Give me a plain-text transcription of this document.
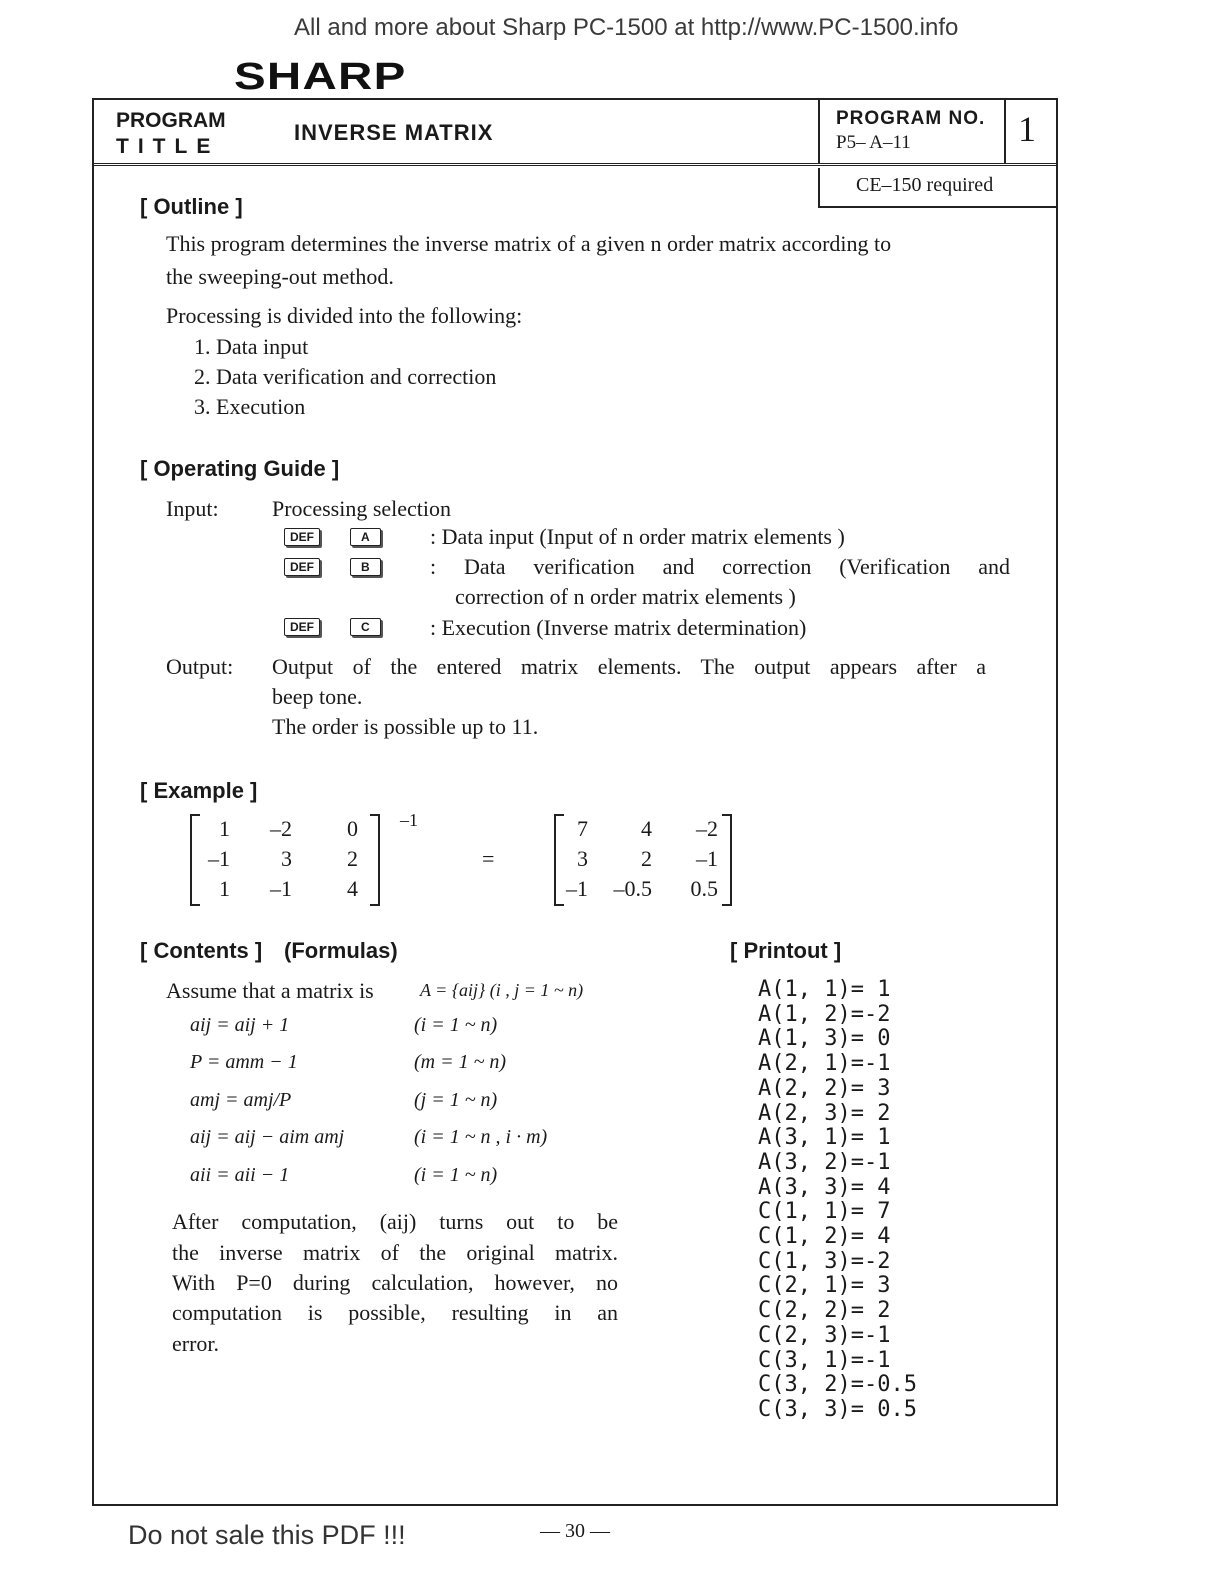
All and more about Sharp PC-1500 at http://www.PC-1500.info
SHARP
PROGRAM
TITLE
INVERSE MATRIX
PROGRAM NO.
P5– A–11	1
CE–150 required
[ Outline ]
This program determines the inverse matrix of a given n order matrix according to
the sweeping-out method.
Processing is divided into the following:
1. Data input
2. Data verification and correction
3. Execution
[ Operating Guide ]
Input: Processing selection
DEF	A	: Data input (Input of n order matrix elements )
DEF	B	: Data verification and correction (Verification and
correction of n order matrix elements )
DEF	C	: Execution (Inverse matrix determination)
Output: Output of the entered matrix elements. The output appears after a
beep tone.
The order is possible up to 11.
[ Example ]
1	–2	0
–1	3	2
1	–1	4
–1
=
7	4	–2
3	2	–1
–1 –0.5	0.5
[ Contents ] (Formulas)
Assume that a matrix is	A = {aij} (i , j = 1 ~ n)
aij = aij + 1	(i = 1 ~ n)
P = amm − 1	(m = 1 ~ n)
amj = amj/P	(j = 1 ~ n)
aij = aij − aim amj	(i = 1 ~ n , i · m)
aii = aii − 1	(i = 1 ~ n)
After computation, (aij) turns out to be
the inverse matrix of the original matrix.
With P=0 during calculation, however, no
computation is possible, resulting in an
error.
[ Printout ]
A(1, 1)= 1
A(1, 2)=-2
A(1, 3)= 0
A(2, 1)=-1
A(2, 2)= 3
A(2, 3)= 2
A(3, 1)= 1
A(3, 2)=-1
A(3, 3)= 4
C(1, 1)= 7
C(1, 2)= 4
C(1, 3)=-2
C(2, 1)= 3
C(2, 2)= 2
C(2, 3)=-1
C(3, 1)=-1
C(3, 2)=-0.5
C(3, 3)= 0.5
Do not sale this PDF !!!	— 30 —
